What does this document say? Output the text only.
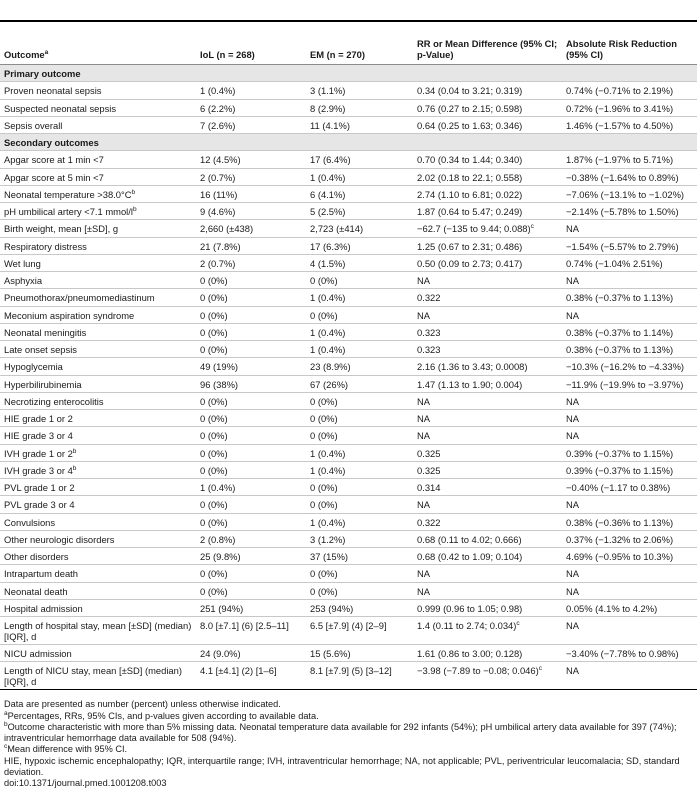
Outcome$^a$	IoL (n = 268)	EM (n = 270)	RR or Mean Difference (95% CI; p-Value)	Absolute Risk Reduction (95% CI)
Primary outcome				
Proven neonatal sepsis	1 (0.4%)	3 (1.1%)	0.34 (0.04 to 3.21; 0.319)	0.74% (−0.71% to 2.19%)
Suspected neonatal sepsis	6 (2.2%)	8 (2.9%)	0.76 (0.27 to 2.15; 0.598)	0.72% (−1.96% to 3.41%)
Sepsis overall	7 (2.6%)	11 (4.1%)	0.64 (0.25 to 1.63; 0.346)	1.46% (−1.57% to 4.50%)
Secondary outcomes				
Apgar score at 1 min <7	12 (4.5%)	17 (6.4%)	0.70 (0.34 to 1.44; 0.340)	1.87% (−1.97% to 5.71%)
Apgar score at 5 min <7	2 (0.7%)	1 (0.4%)	2.02 (0.18 to 22.1; 0.558)	−0.38% (−1.64% to 0.89%)
Neonatal temperature $>38.0^\circ C^b$	16 (11%)	6 (4.1%)	2.74 (1.10 to 6.81; 0.022)	−7.06% (−13.1% to −1.02%)
pH umbilical artery <7.1 mmol/$l^b$	9 (4.6%)	5 (2.5%)	1.87 (0.64 to 5.47; 0.249)	−2.14% (−5.78% to 1.50%)
Birth weight, mean [±SD], g	2,660 (±438)	2,723 (±414)	−62.7 (−135 to 9.44; 0.088)$^c$	NA
Respiratory distress	21 (7.8%)	17 (6.3%)	1.25 (0.67 to 2.31; 0.486)	−1.54% (−5.57% to 2.79%)
Wet lung	2 (0.7%)	4 (1.5%)	0.50 (0.09 to 2.73; 0.417)	0.74% (−1.04% 2.51%)
Asphyxia	0 (0%)	0 (0%)	NA	NA
Pneumothorax/pneumomediastinum	0 (0%)	1 (0.4%)	0.322	0.38% (−0.37% to 1.13%)
Meconium aspiration syndrome	0 (0%)	0 (0%)	NA	NA
Neonatal meningitis	0 (0%)	1 (0.4%)	0.323	0.38% (−0.37% to 1.14%)
Late onset sepsis	0 (0%)	1 (0.4%)	0.323	0.38% (−0.37% to 1.13%)
Hypoglycemia	49 (19%)	23 (8.9%)	2.16 (1.36 to 3.43; 0.0008)	−10.3% (−16.2% to −4.33%)
Hyperbilirubinemia	96 (38%)	67 (26%)	1.47 (1.13 to 1.90; 0.004)	−11.9% (−19.9% to −3.97%)
Necrotizing enterocolitis	0 (0%)	0 (0%)	NA	NA
HIE grade 1 or 2	0 (0%)	0 (0%)	NA	NA
HIE grade 3 or 4	0 (0%)	0 (0%)	NA	NA
IVH grade 1 or 2$^b$	0 (0%)	1 (0.4%)	0.325	0.39% (−0.37% to 1.15%)
IVH grade 3 or 4$^b$	0 (0%)	1 (0.4%)	0.325	0.39% (−0.37% to 1.15%)
PVL grade 1 or 2	1 (0.4%)	0 (0%)	0.314	−0.40% (−1.17 to 0.38%)
PVL grade 3 or 4	0 (0%)	0 (0%)	NA	NA
Convulsions	0 (0%)	1 (0.4%)	0.322	0.38% (−0.36% to 1.13%)
Other neurologic disorders	2 (0.8%)	3 (1.2%)	0.68 (0.11 to 4.02; 0.666)	0.37% (−1.32% to 2.06%)
Other disorders	25 (9.8%)	37 (15%)	0.68 (0.42 to 1.09; 0.104)	4.69% (−0.95% to 10.3%)
Intrapartum death	0 (0%)	0 (0%)	NA	NA
Neonatal death	0 (0%)	0 (0%)	NA	NA
Hospital admission	251 (94%)	253 (94%)	0.999 (0.96 to 1.05; 0.98)	0.05% (4.1% to 4.2%)
Length of hospital stay, mean [±SD] (median) [IQR], d	8.0 [±7.1] (6) [2.5–11]	6.5 [±7.9] (4) [2–9]	1.4 (0.11 to 2.74; 0.034)$^c$	NA
NICU admission	24 (9.0%)	15 (5.6%)	1.61 (0.86 to 3.00; 0.128)	−3.40% (−7.78% to 0.98%)
Length of NICU stay, mean [±SD] (median) [IQR], d	4.1 [±4.1] (2) [1–6]	8.1 [±7.9] (5) [3–12]	−3.98 (−7.89 to −0.08; 0.046)$^c$	NA
Data are presented as number (percent) unless otherwise indicated.
$^a$Percentages, RRs, 95% CIs, and p-values given according to available data.
$^b$Outcome characteristic with more than 5% missing data. Neonatal temperature data available for 292 infants (54%); pH umbilical artery data available for 397 (74%); intraventricular hemorrhage data available for 508 (94%).
$^c$Mean difference with 95% CI.
HIE, hypoxic ischemic encephalopathy; IQR, interquartile range; IVH, intraventricular hemorrhage; NA, not applicable; PVL, periventricular leucomalacia; SD, standard deviation.
doi:10.1371/journal.pmed.1001208.t003
